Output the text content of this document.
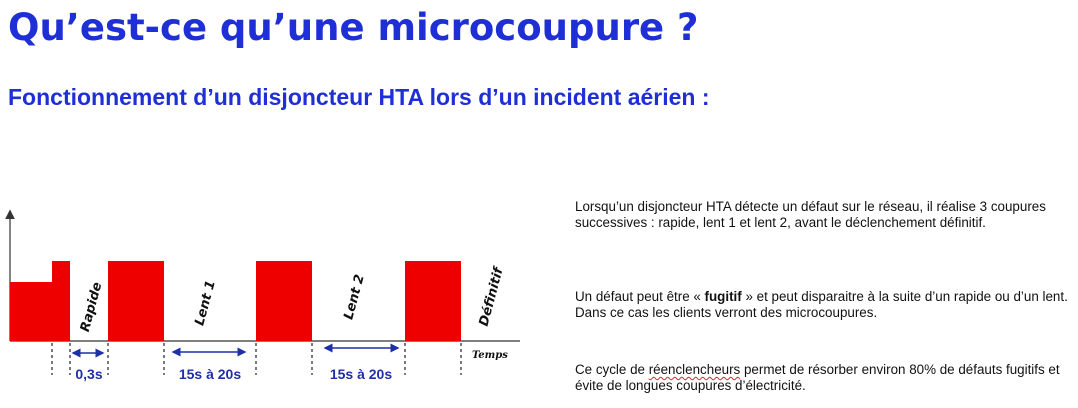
Qu’est-ce qu’une microcoupure ?
Fonctionnement d’un disjoncteur HTA lors d’un incident aérien :
0,3s	15s à 20s	15s à 20s
Rapide	Lent 1	Lent 2	Définitif
Temps

Lorsqu’un disjoncteur HTA détecte un défaut sur le réseau, il réalise 3 coupures successives : rapide, lent 1 et lent 2, avant le déclenchement définitif.

Un défaut peut être « fugitif » et peut disparaitre à la suite d’un rapide ou d’un lent. Dans ce cas les clients verront des microcoupures.

Ce cycle de réenclencheurs permet de résorber environ 80% de défauts fugitifs et évite de longues coupures d’électricité.
